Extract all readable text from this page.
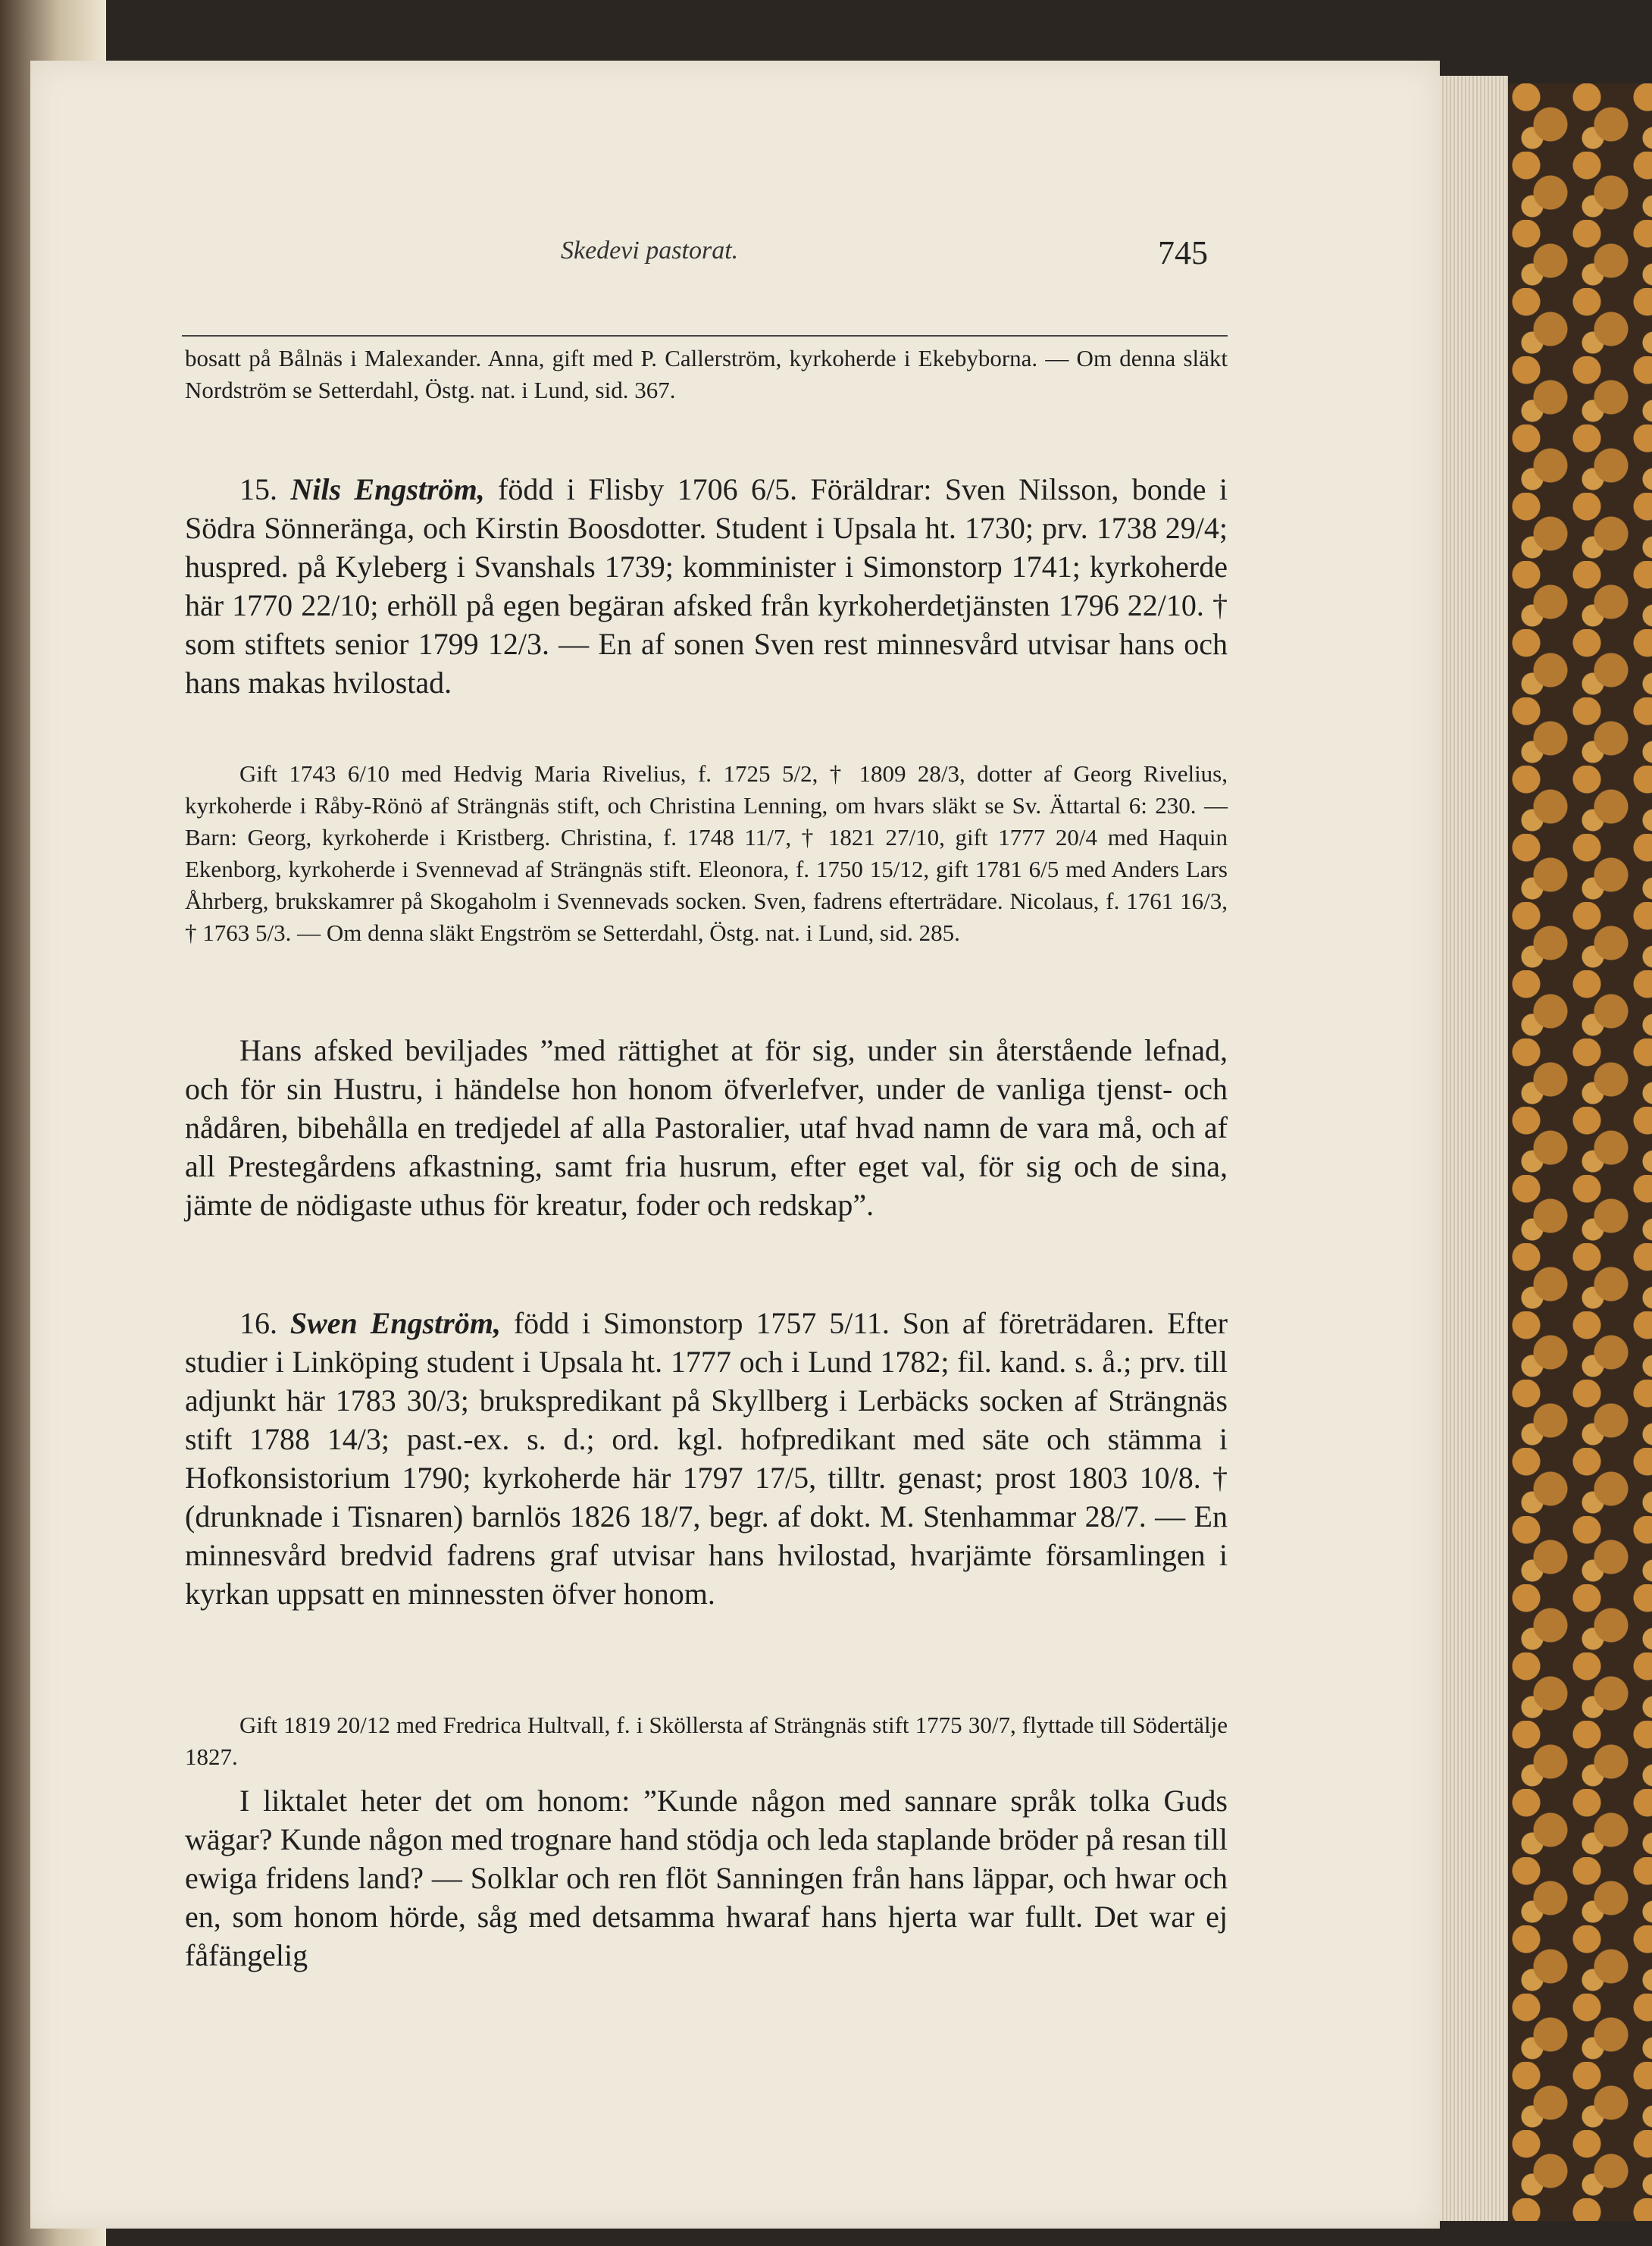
Skedevi pastorat.	745

bosatt på Bålnäs i Malexander. Anna, gift med P. Callerström, kyrkoherde i Ekebyborna. — Om denna släkt Nordström se Setterdahl, Östg. nat. i Lund, sid. 367.

15. Nils Engström, född i Flisby 1706 6/5. Föräldrar: Sven Nilsson, bonde i Södra Sönneränga, och Kirstin Boosdotter. Student i Upsala ht. 1730; prv. 1738 29/4; huspred. på Kyleberg i Svanshals 1739; komminister i Simonstorp 1741; kyrkoherde här 1770 22/10; erhöll på egen begäran afsked från kyrkoherdetjänsten 1796 22/10. † som stiftets senior 1799 12/3. — En af sonen Sven rest minnesvård utvisar hans och hans makas hvilostad.

Gift 1743 6/10 med Hedvig Maria Rivelius, f. 1725 5/2, † 1809 28/3, dotter af Georg Rivelius, kyrkoherde i Råby-Rönö af Strängnäs stift, och Christina Lenning, om hvars släkt se Sv. Ättartal 6: 230. — Barn: Georg, kyrkoherde i Kristberg. Christina, f. 1748 11/7, † 1821 27/10, gift 1777 20/4 med Haquin Ekenborg, kyrkoherde i Svennevad af Strängnäs stift. Eleonora, f. 1750 15/12, gift 1781 6/5 med Anders Lars Åhrberg, brukskamrer på Skogaholm i Svennevads socken. Sven, fadrens efterträdare. Nicolaus, f. 1761 16/3, † 1763 5/3. — Om denna släkt Engström se Setterdahl, Östg. nat. i Lund, sid. 285.

Hans afsked beviljades ”med rättighet at för sig, under sin återstående lefnad, och för sin Hustru, i händelse hon honom öfverlefver, under de vanliga tjenst- och nådåren, bibehålla en tredjedel af alla Pastoralier, utaf hvad namn de vara må, och af all Prestegårdens afkastning, samt fria husrum, efter eget val, för sig och de sina, jämte de nödigaste uthus för kreatur, foder och redskap”.

16. Swen Engström, född i Simonstorp 1757 5/11. Son af företrädaren. Efter studier i Linköping student i Upsala ht. 1777 och i Lund 1782; fil. kand. s. å.; prv. till adjunkt här 1783 30/3; brukspredikant på Skyllberg i Lerbäcks socken af Strängnäs stift 1788 14/3; past.-ex. s. d.; ord. kgl. hofpredikant med säte och stämma i Hofkonsistorium 1790; kyrkoherde här 1797 17/5, tilltr. genast; prost 1803 10/8. † (drunknade i Tisnaren) barnlös 1826 18/7, begr. af dokt. M. Stenhammar 28/7. — En minnesvård bredvid fadrens graf utvisar hans hvilostad, hvarjämte församlingen i kyrkan uppsatt en minnessten öfver honom.

Gift 1819 20/12 med Fredrica Hultvall, f. i Sköllersta af Strängnäs stift 1775 30/7, flyttade till Södertälje 1827.

I liktalet heter det om honom: ”Kunde någon med sannare språk tolka Guds wägar? Kunde någon med trognare hand stödja och leda staplande bröder på resan till ewiga fridens land? — Solklar och ren flöt Sanningen från hans läppar, och hwar och en, som honom hörde, såg med detsamma hwaraf hans hjerta war fullt. Det war ej fåfängelig
